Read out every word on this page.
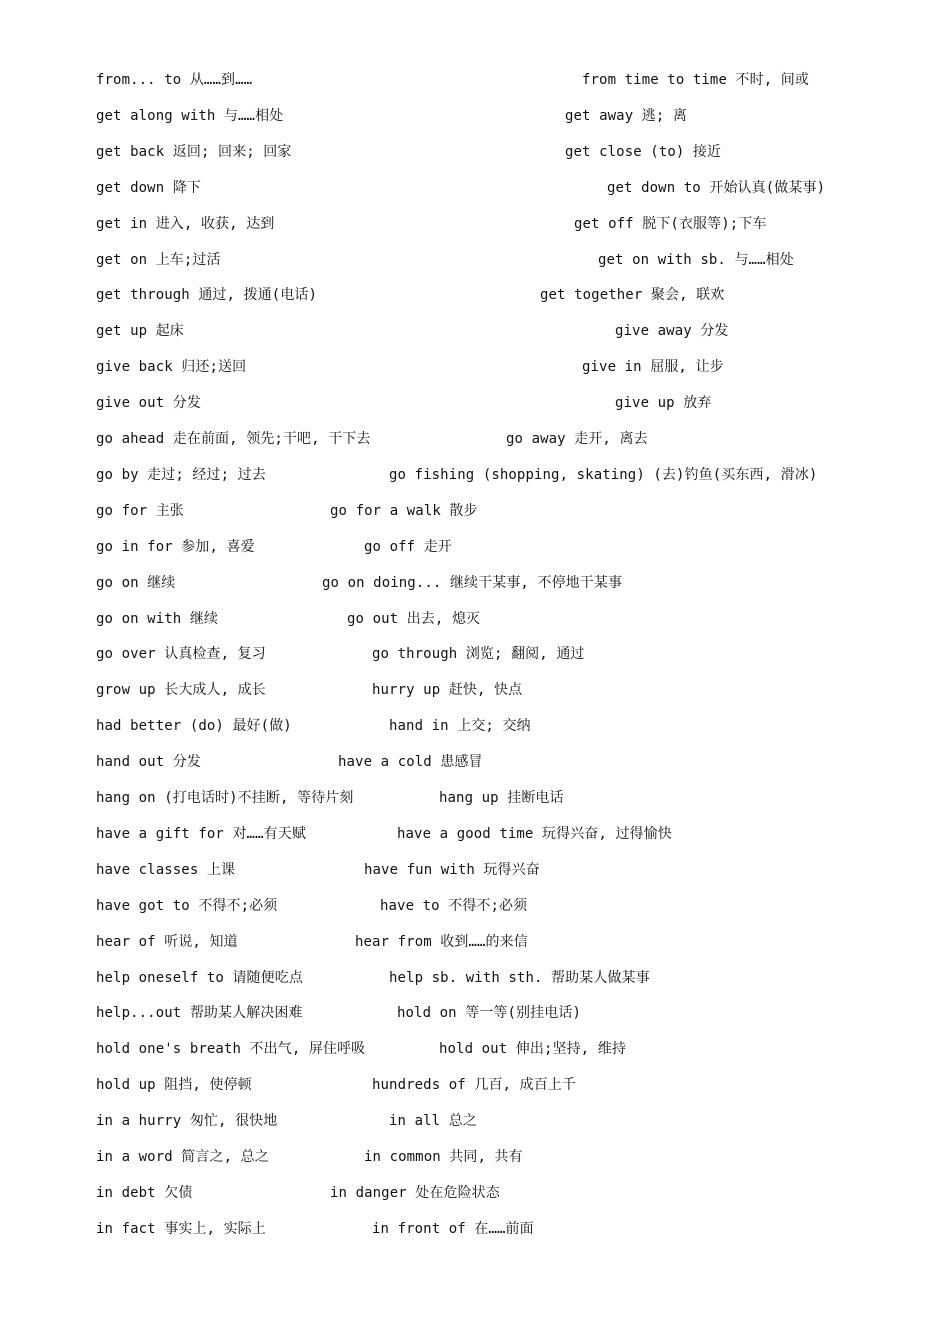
from... to 从……到……	from time to time 不时, 间或
get along with 与……相处	get away 逃; 离
get back 返回; 回来; 回家	get close (to) 接近
get down 降下	get down to 开始认真(做某事)
get in 进入, 收获, 达到	get off 脱下(衣服等);下车
get on 上车;过活	get on with sb. 与……相处
get through 通过, 拨通(电话)	get together 聚会, 联欢
get up 起床	give away 分发
give back 归还;送回	give in 屈服, 让步
give out 分发	give up 放弃
go ahead 走在前面, 领先;干吧, 干下去	go away 走开, 离去
go by 走过; 经过; 过去	go fishing (shopping, skating) (去)钓鱼(买东西, 滑冰)
go for 主张	go for a walk 散步
go in for 参加, 喜爱	go off 走开
go on 继续	go on doing... 继续干某事, 不停地干某事
go on with 继续	go out 出去, 熄灭
go over 认真检查, 复习	go through 浏览; 翻阅, 通过
grow up 长大成人, 成长	hurry up 赶快, 快点
had better (do) 最好(做)	hand in 上交; 交纳
hand out 分发	have a cold 患感冒
hang on (打电话时)不挂断, 等待片刻	hang up 挂断电话
have a gift for 对……有天赋	have a good time 玩得兴奋, 过得愉快
have classes 上课	have fun with 玩得兴奋
have got to 不得不;必须	have to 不得不;必须
hear of 听说, 知道	hear from 收到……的来信
help oneself to 请随便吃点	help sb. with sth. 帮助某人做某事
help...out 帮助某人解决困难	hold on 等一等(别挂电话)
hold one's breath 不出气, 屏住呼吸	hold out 伸出;坚持, 维持
hold up 阻挡, 使停顿	hundreds of 几百, 成百上千
in a hurry 匆忙, 很快地	in all 总之
in a word 简言之, 总之	in common 共同, 共有
in debt 欠债	in danger 处在危险状态
in fact 事实上, 实际上	in front of 在……前面
